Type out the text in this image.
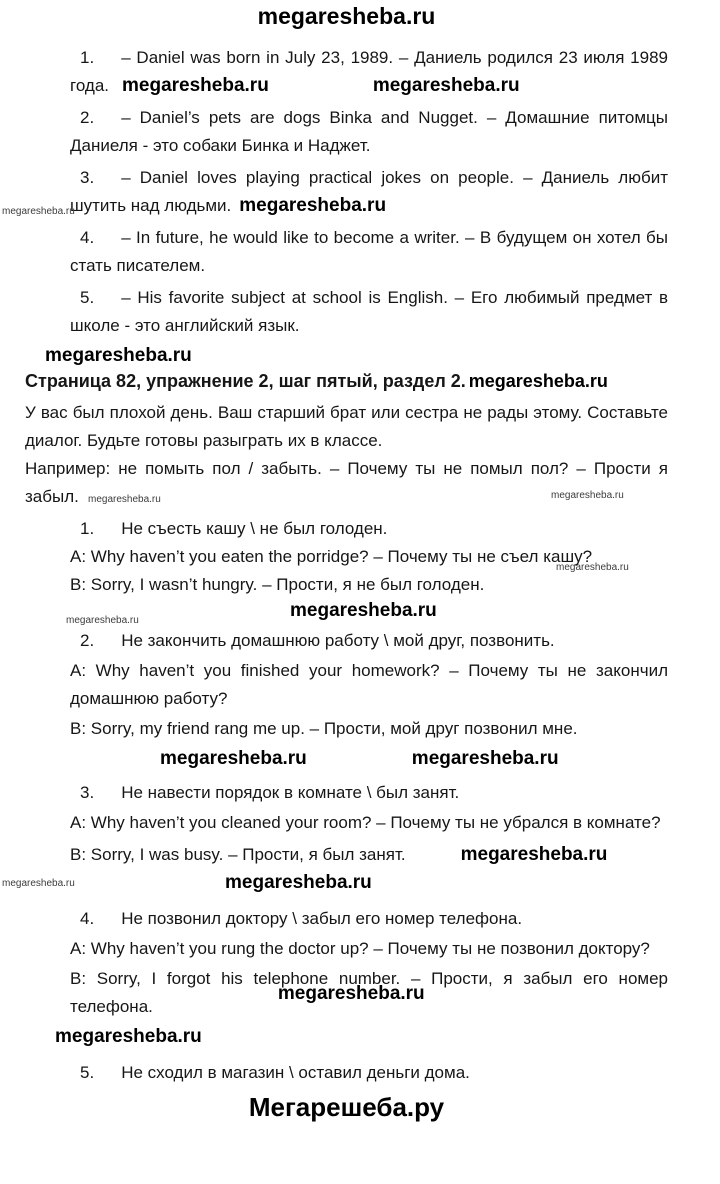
megaresheba.ru
megaresheba.ru	megaresheba.ru
megaresheba.ru
megaresheba.ru
megaresheba.ru
megaresheba.ru

1. – Daniel was born in July 23, 1989. – Даниель родился 23 июля 1989 года. megaresheba.ru	megaresheba.ru

2. – Daniel’s pets are dogs Binka and Nugget. – Домашние питомцы Даниеля - это собаки Бинка и Наджет.

3. – Daniel loves playing practical jokes on people. – Даниель любит шутить над людьми. megaresheba.ru

4. – In future, he would like to become a writer. – В будущем он хотел бы стать писателем.

5. – His favorite subject at school is English. – Его любимый предмет в школе - это английский язык.

megaresheba.ru

Страница 82, упражнение 2, шаг пятый, раздел 2. megaresheba.ru

У вас был плохой день. Ваш старший брат или сестра не рады этому. Составьте диалог. Будьте готовы разыграть их в классе.

Например: не помыть пол / забыть. – Почему ты не помыл пол? – Прости я забыл.

1. Не съесть кашу \ не был голоден.

A: Why haven’t you eaten the porridge? – Почему ты не съел кашу?

B: Sorry, I wasn’t hungry. – Прости, я не был голоден.

megaresheba.ru

2. Не закончить домашнюю работу \ мой друг, позвонить.

A: Why haven’t you finished your homework? – Почему ты не закончил домашнюю работу?

B: Sorry, my friend rang me up. – Прости, мой друг позвонил мне.

megaresheba.ru	megaresheba.ru

3. Не навести порядок в комнате \ был занят.

A: Why haven’t you cleaned your room? – Почему ты не убрался в комнате?

B: Sorry, I was busy. – Прости, я был занят.	megaresheba.ru

megaresheba.ru

4. Не позвонил доктору \ забыл его номер телефона.

A: Why haven’t you rung the doctor up? – Почему ты не позвонил доктору?

B: Sorry, I forgot his telephone number. – Прости, я забыл его номер телефона.megaresheba.ru

megaresheba.ru

5. Не сходил в магазин \ оставил деньги дома.

Мегарешеба.ру
